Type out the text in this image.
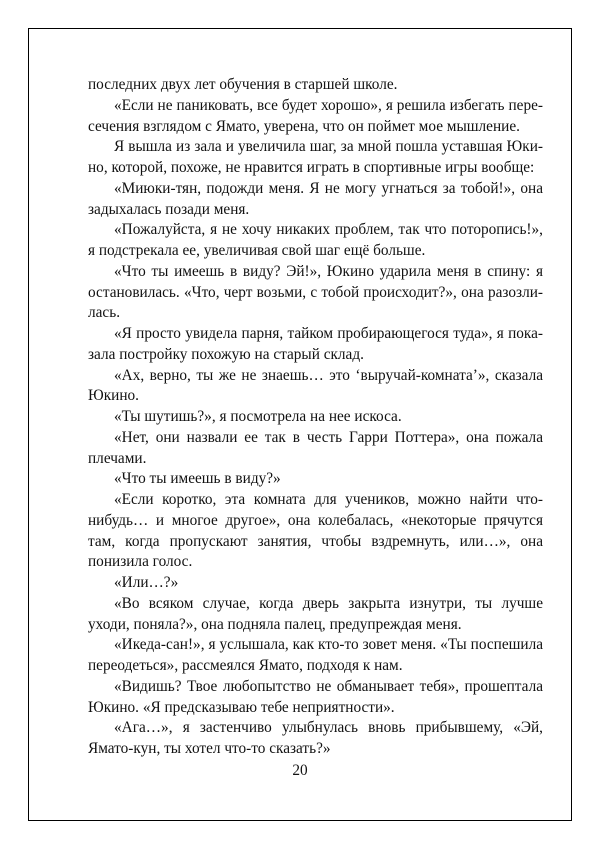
последних двух лет обучения в старшей школе.

«Если не паниковать, все будет хорошо», я решила избегать пересечения взглядом с Ямато, уверена, что он поймет мое мышление.

Я вышла из зала и увеличила шаг, за мной пошла уставшая Юкино, которой, похоже, не нравится играть в спортивные игры вообще:

«Миюки-тян, подожди меня. Я не могу угнаться за тобой!», она задыхалась позади меня.

«Пожалуйста, я не хочу никаких проблем, так что поторопись!», я подстрекала ее, увеличивая свой шаг ещё больше.

«Что ты имеешь в виду? Эй!», Юкино ударила меня в спину: я остановилась. «Что, черт возьми, с тобой происходит?», она разозлилась.

«Я просто увидела парня, тайком пробирающегося туда», я показала постройку похожую на старый склад.

«Ах, верно, ты же не знаешь… это ‘выручай-комната’», сказала Юкино.

«Ты шутишь?», я посмотрела на нее искоса.

«Нет, они назвали ее так в честь Гарри Поттера», она пожала плечами.

«Что ты имеешь в виду?»

«Если коротко, эта комната для учеников, можно найти что-нибудь… и многое другое», она колебалась, «некоторые прячутся там, когда пропускают занятия, чтобы вздремнуть, или…», она понизила голос.

«Или…?»

«Во всяком случае, когда дверь закрыта изнутри, ты лучше уходи, поняла?», она подняла палец, предупреждая меня.

«Икеда-сан!», я услышала, как кто-то зовет меня. «Ты поспешила переодеться», рассмеялся Ямато, подходя к нам.

«Видишь? Твое любопытство не обманывает тебя», прошептала Юкино. «Я предсказываю тебе неприятности».

«Ага…», я застенчиво улыбнулась вновь прибывшему, «Эй, Ямато-кун, ты хотел что-то сказать?»

20
